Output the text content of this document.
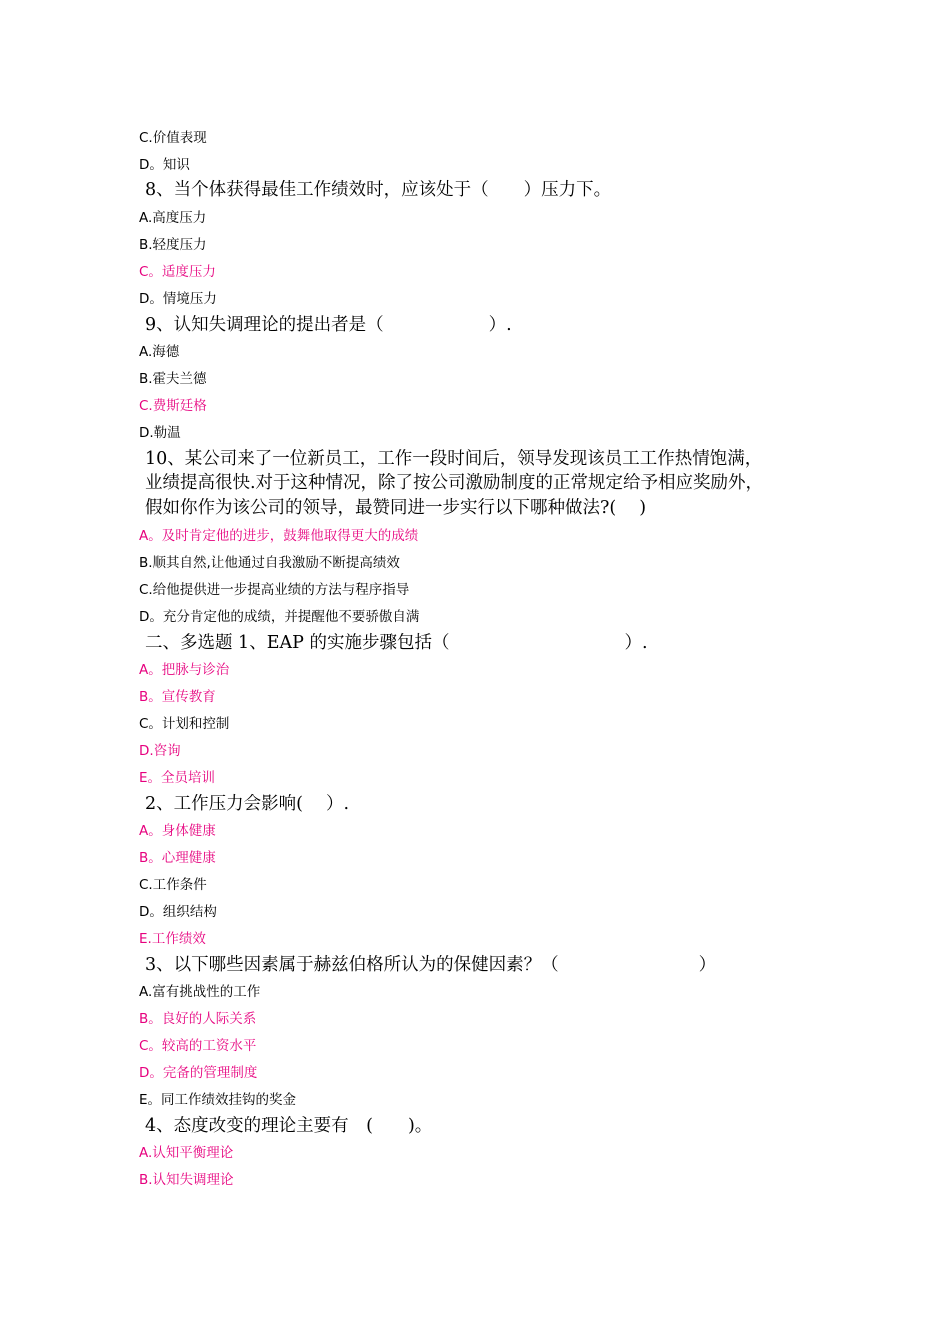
C.价值表现
D。知识
8、当个体获得最佳工作绩效时，应该处于（　　）压力下。
A.高度压力
B.轻度压力
C。适度压力
D。情境压力
9、认知失调理论的提出者是（　　　　　　）.
A.海德
B.霍夫兰德
C.费斯廷格
D.勒温
10、某公司来了一位新员工，工作一段时间后，领导发现该员工工作热情饱满，
业绩提高很快.对于这种情况，除了按公司激励制度的正常规定给予相应奖励外，
假如你作为该公司的领导，最赞同进一步实行以下哪种做法?(　 )
A。及时肯定他的进步，鼓舞他取得更大的成绩
B.顺其自然,让他通过自我激励不断提高绩效
C.给他提供进一步提高业绩的方法与程序指导
D。充分肯定他的成绩，并提醒他不要骄傲自满
二、多选题 1、EAP 的实施步骤包括（　　　　　　　　　　）.
A。把脉与诊治
B。宣传教育
C。计划和控制
D.咨询
E。全员培训
2、工作压力会影响(　 ）.
A。身体健康
B。心理健康
C.工作条件
D。组织结构
E.工作绩效
3、以下哪些因素属于赫兹伯格所认为的保健因素？（　　　　　　　　）
A.富有挑战性的工作
B。良好的人际关系
C。较高的工资水平
D。完备的管理制度
E。同工作绩效挂钩的奖金
4、态度改变的理论主要有　(　　)。
A.认知平衡理论
B.认知失调理论
